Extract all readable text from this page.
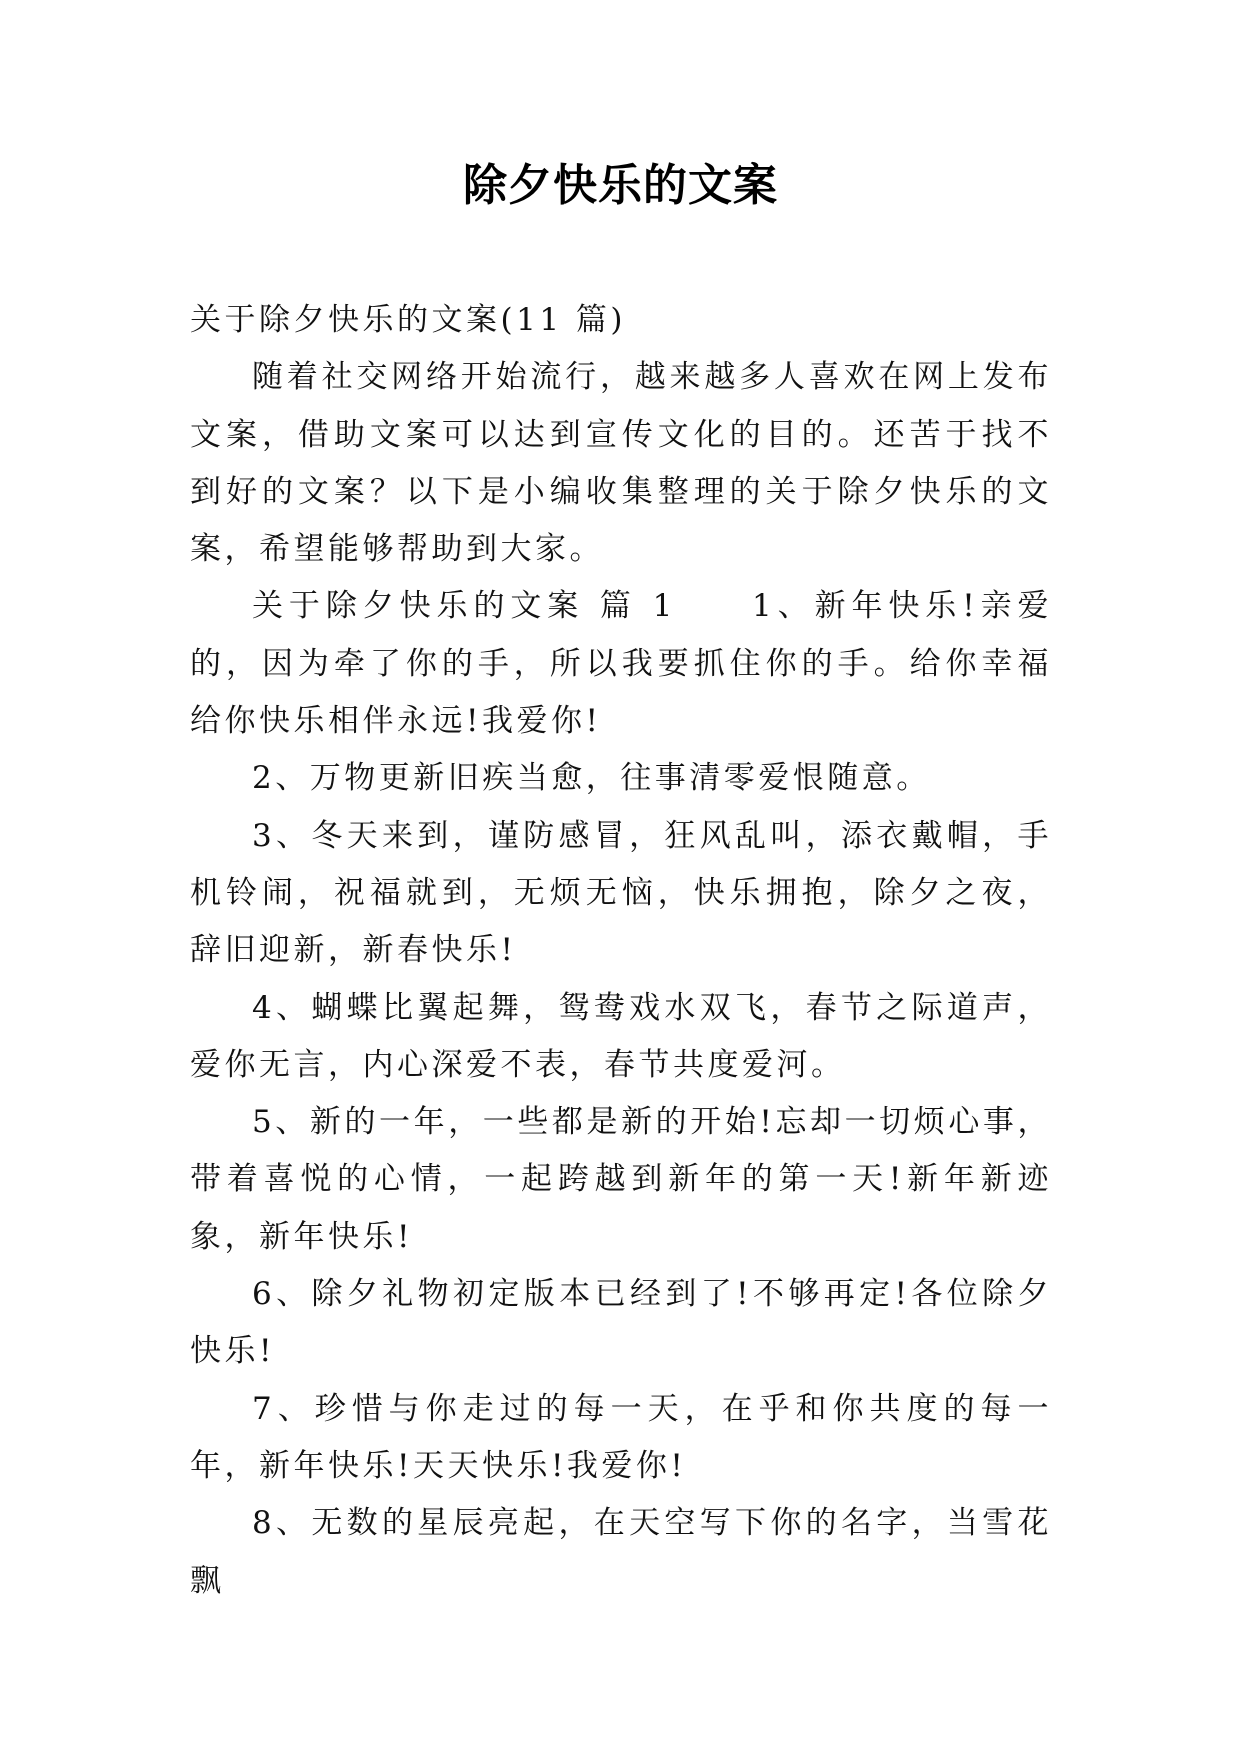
除夕快乐的文案

关于除夕快乐的文案(11 篇)

随着社交网络开始流行，越来越多人喜欢在网上发布文案，借助文案可以达到宣传文化的目的。还苦于找不到好的文案？以下是小编收集整理的关于除夕快乐的文案，希望能够帮助到大家。

关于除夕快乐的文案 篇 1　　1、新年快乐!亲爱的，因为牵了你的手，所以我要抓住你的手。给你幸福给你快乐相伴永远!我爱你!

2、万物更新旧疾当愈，往事清零爱恨随意。

3、冬天来到，谨防感冒，狂风乱叫，添衣戴帽，手机铃闹，祝福就到，无烦无恼，快乐拥抱，除夕之夜，辞旧迎新，新春快乐!

4、蝴蝶比翼起舞，鸳鸯戏水双飞，春节之际道声，爱你无言，内心深爱不表，春节共度爱河。

5、新的一年，一些都是新的开始!忘却一切烦心事，带着喜悦的心情，一起跨越到新年的第一天!新年新迹象，新年快乐!

6、除夕礼物初定版本已经到了!不够再定!各位除夕快乐!

7、珍惜与你走过的每一天，在乎和你共度的每一年，新年快乐!天天快乐!我爱你!

8、无数的星辰亮起，在天空写下你的名字，当雪花飘
